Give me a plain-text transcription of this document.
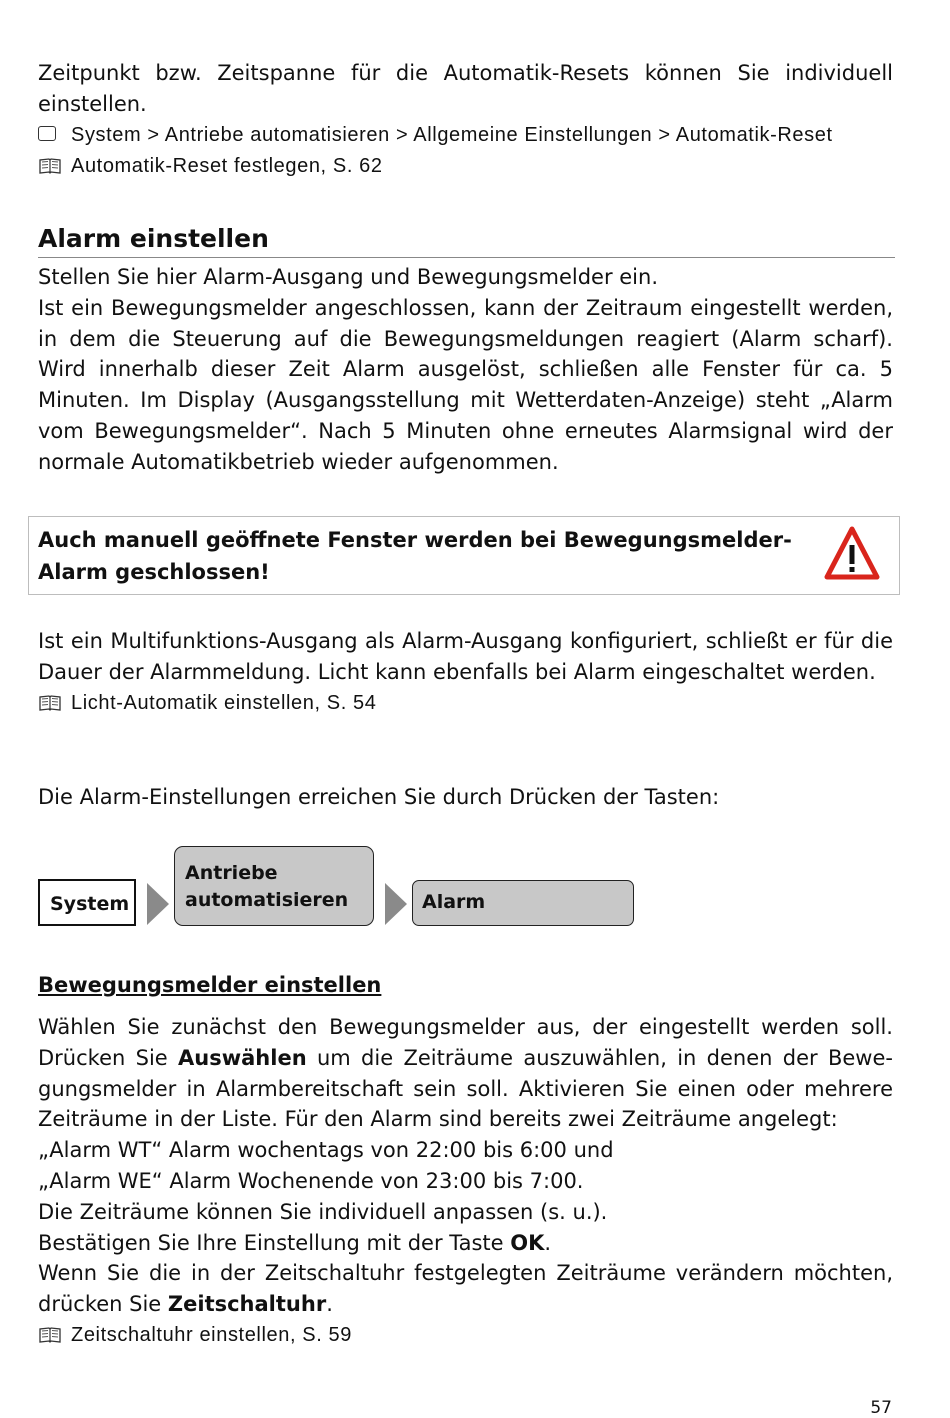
Zeitpunkt bzw. Zeitspanne für die Automatik-Resets können Sie individuell einstellen.

System > Antriebe automatisieren > Allgemeine Einstellungen > Automatik-Reset
Automatik-Reset festlegen, S. 62
Alarm einstellen

Stellen Sie hier Alarm-Ausgang und Bewegungsmelder ein.

Ist ein Bewegungsmelder angeschlossen, kann der Zeitraum eingestellt werden, in dem die Steuerung auf die Bewegungsmeldungen reagiert (Alarm scharf). Wird innerhalb dieser Zeit Alarm ausgelöst, schließen alle Fenster für ca. 5 Minuten. Im Display (Ausgangsstellung mit Wetterdaten-Anzeige) steht „Alarm vom Bewegungsmelder“. Nach 5 Minuten ohne erneutes Alarmsignal wird der normale Automatikbetrieb wieder aufgenommen.

Auch manuell geöffnete Fenster werden bei Bewegungsmelder-Alarm geschlossen!

Ist ein Multifunktions-Ausgang als Alarm-Ausgang konfiguriert, schließt er für die Dauer der Alarmmeldung. Licht kann ebenfalls bei Alarm eingeschaltet werden.

Licht-Automatik einstellen, S. 54

Die Alarm-Einstellungen erreichen Sie durch Drücken der Tasten:

System
Antriebe
automatisieren	Alarm
Bewegungsmelder einstellen

Wählen Sie zunächst den Bewegungsmelder aus, der eingestellt werden soll. Drücken Sie Auswählen um die Zeiträume auszuwählen, in denen der Bewegungsmelder in Alarmbereitschaft sein soll. Aktivieren Sie einen oder mehrere Zeiträume in der Liste. Für den Alarm sind bereits zwei Zeiträume angelegt:

„Alarm WT“ Alarm wochentags von 22:00 bis 6:00 und

„Alarm WE“ Alarm Wochenende von 23:00 bis 7:00.

Die Zeiträume können Sie individuell anpassen (s. u.).

Bestätigen Sie Ihre Einstellung mit der Taste OK.

Wenn Sie die in der Zeitschaltuhr festgelegten Zeiträume verändern möchten, drücken Sie Zeitschaltuhr.

Zeitschaltuhr einstellen, S. 59
57
